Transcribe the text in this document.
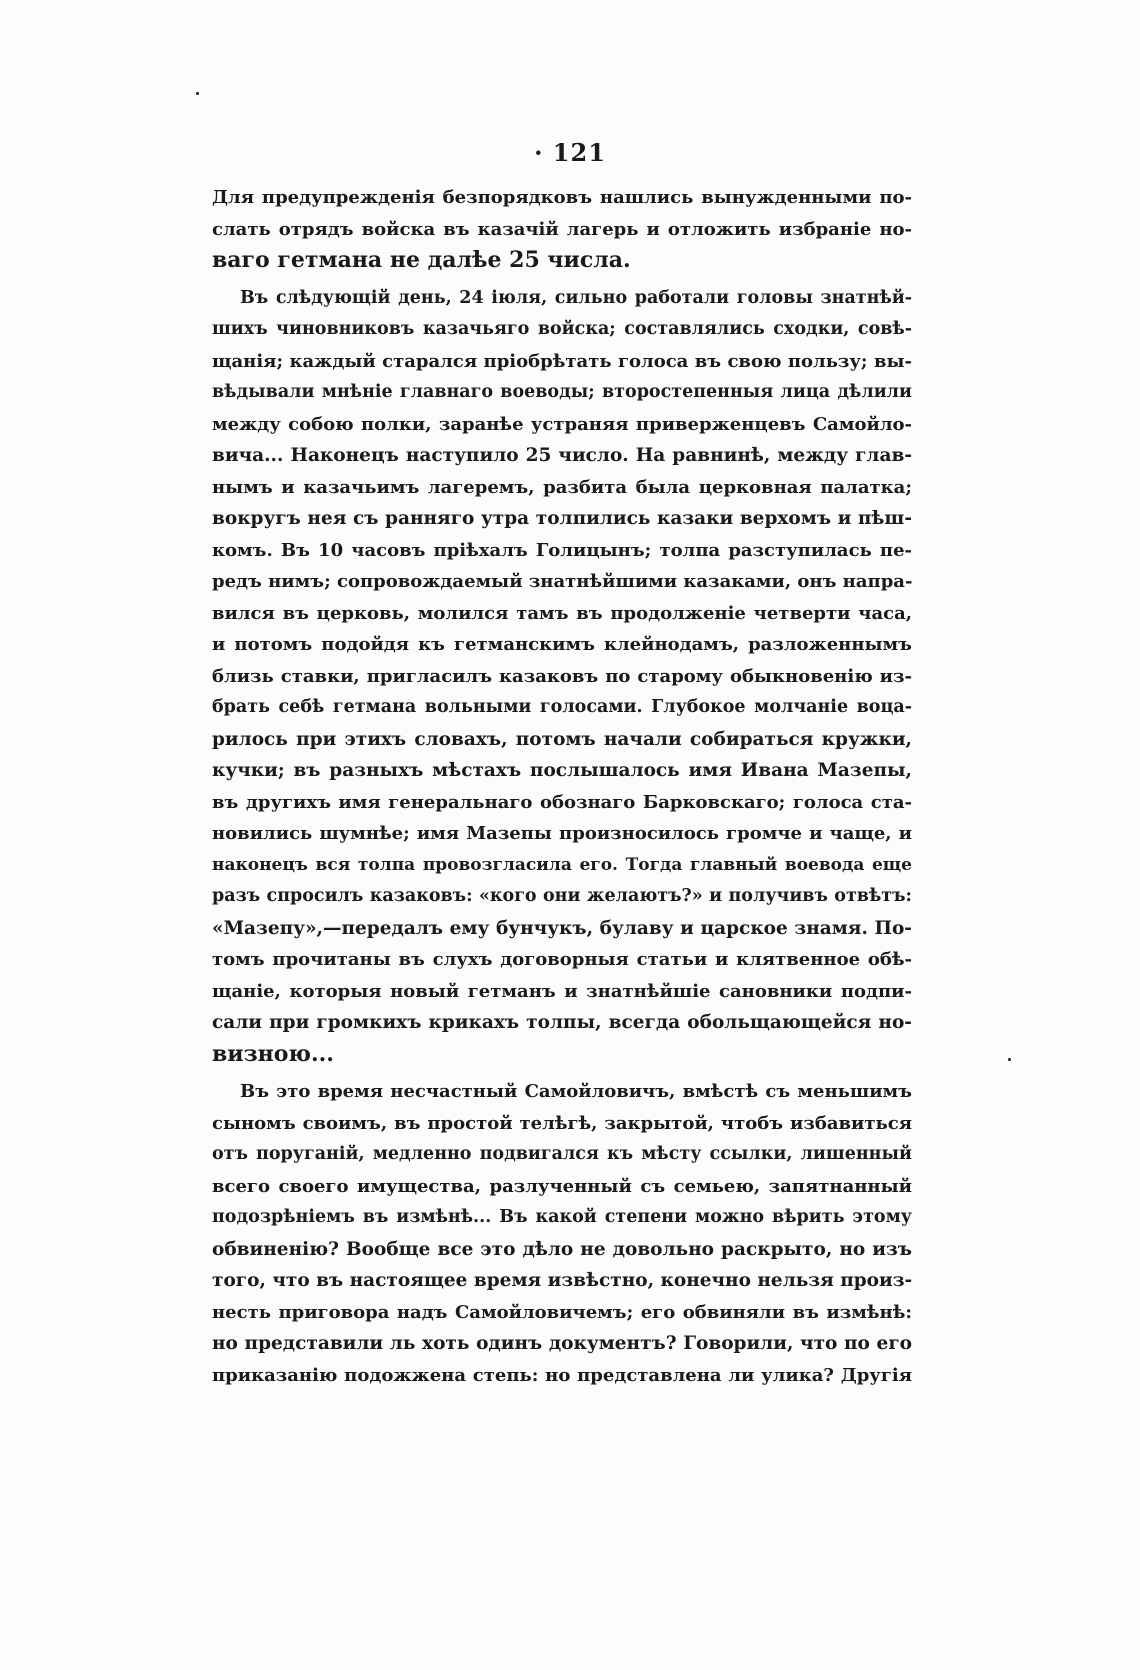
· 121

Для предупрежденія безпорядковъ нашлись вынужденными по-
слать отрядъ войска въ казачій лагерь и отложить избраніе но-
ваго гетмана не далѣе 25 числа.

Въ слѣдующій день, 24 іюля, сильно работали головы знатнѣй-
шихъ чиновниковъ казачьяго войска; составлялись сходки, совѣ-
щанія; каждый старался пріобрѣтать голоса въ свою пользу; вы-
вѣдывали мнѣніе главнаго воеводы; второстепенныя лица дѣлили
между собою полки, заранѣе устраняя приверженцевъ Самойло-
вича... Наконецъ наступило 25 число. На равнинѣ, между глав-
нымъ и казачьимъ лагеремъ, разбита была церковная палатка;
вокругъ нея съ ранняго утра толпились казаки верхомъ и пѣш-
комъ. Въ 10 часовъ пріѣхалъ Голицынъ; толпа разступилась пе-
редъ нимъ; сопровождаемый знатнѣйшими казаками, онъ напра-
вился въ церковь, молился тамъ въ продолженіе четверти часа,
и потомъ подойдя къ гетманскимъ клейнодамъ, разложеннымъ
близь ставки, пригласилъ казаковъ по старому обыкновенію из-
брать себѣ гетмана вольными голосами. Глубокое молчаніе воца-
рилось при этихъ словахъ, потомъ начали собираться кружки,
кучки; въ разныхъ мѣстахъ послышалось имя Ивана Мазепы,
въ другихъ имя генеральнаго обознаго Барковскаго; голоса ста-
новились шумнѣе; имя Мазепы произносилось громче и чаще, и
наконецъ вся толпа провозгласила его. Тогда главный воевода еще
разъ спросилъ казаковъ: «кого они желаютъ?» и получивъ отвѣтъ:
«Мазепу»,—передалъ ему бунчукъ, булаву и царское знамя. По-
томъ прочитаны въ слухъ договорныя статьи и клятвенное обѣ-
щаніе, которыя новый гетманъ и знатнѣйшіе сановники подпи-
сали при громкихъ крикахъ толпы, всегда обольщающейся но-
визною...

Въ это время несчастный Самойловичъ, вмѣстѣ съ меньшимъ
сыномъ своимъ, въ простой телѣгѣ, закрытой, чтобъ избавиться
отъ поруганій, медленно подвигался къ мѣсту ссылки, лишенный
всего своего имущества, разлученный съ семьею, запятнанный
подозрѣніемъ въ измѣнѣ... Въ какой степени можно вѣрить этому
обвиненію? Вообще все это дѣло не довольно раскрыто, но изъ
того, что въ настоящее время извѣстно, конечно нельзя произ-
несть приговора надъ Самойловичемъ; его обвиняли въ измѣнѣ:
но представили ль хоть одинъ документъ? Говорили, что по его
приказанію подожжена степь: но представлена ли улика? Другія
